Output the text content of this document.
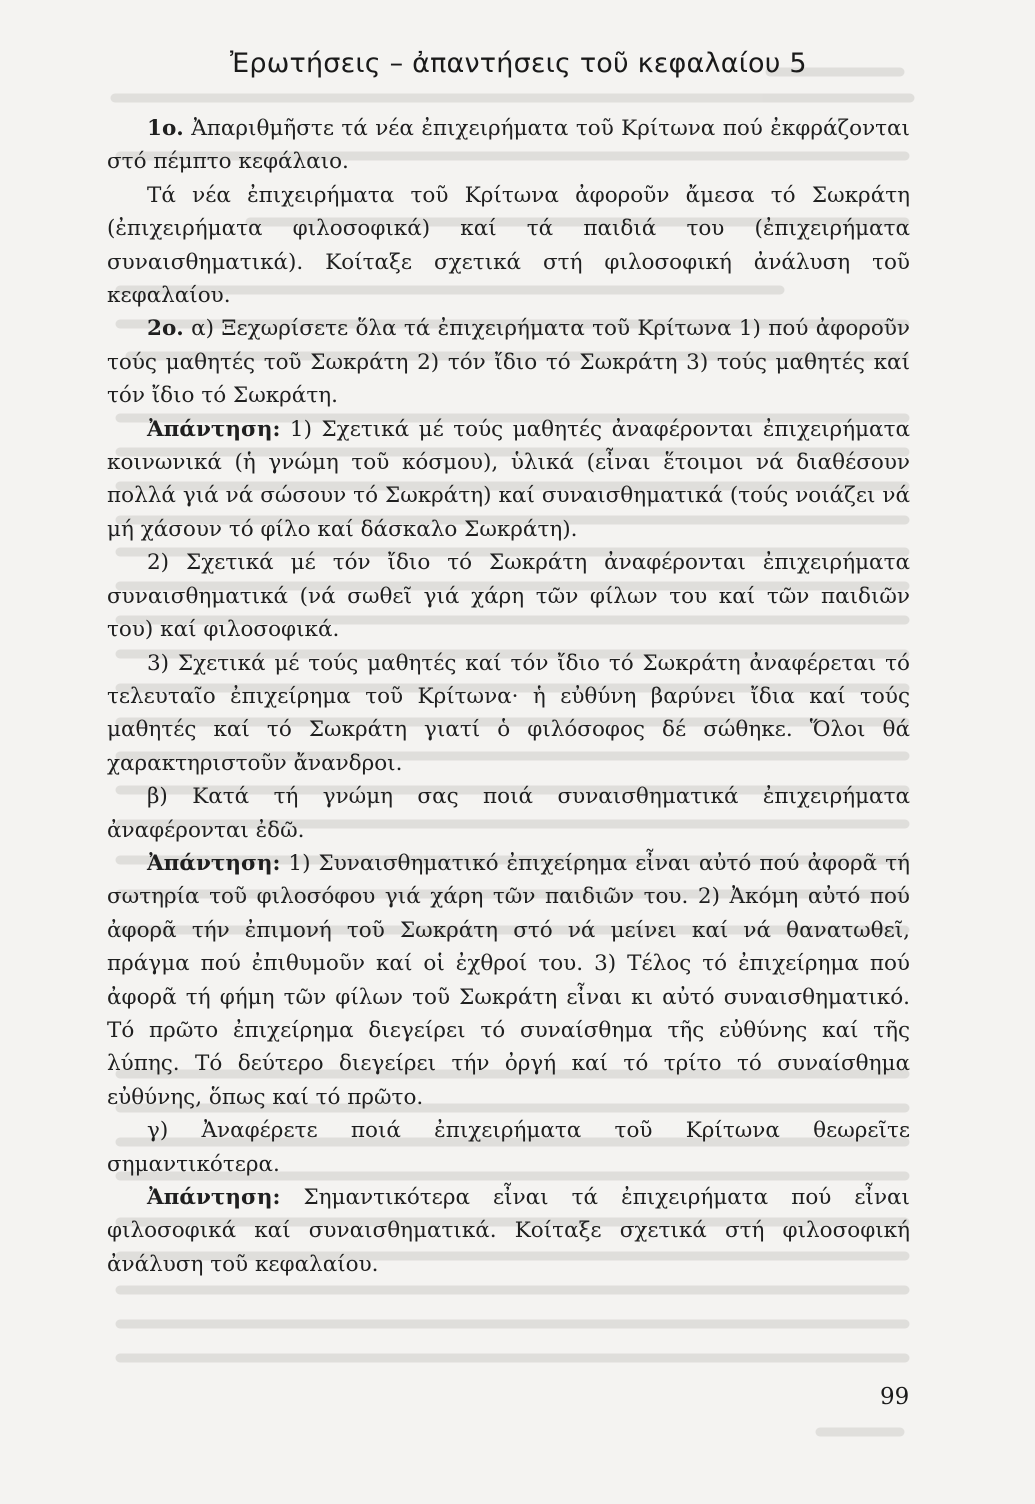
Ἐρωτήσεις – ἀπαντήσεις τοῦ κεφαλαίου 5

1ο. Ἀπαριθμῆστε τά νέα ἐπιχειρήματα τοῦ Κρίτωνα πού ἐκφράζονται στό πέμπτο κεφάλαιο.

Τά νέα ἐπιχειρήματα τοῦ Κρίτωνα ἀφοροῦν ἄμεσα τό Σωκράτη (ἐπιχειρήματα φιλοσοφικά) καί τά παιδιά του (ἐπιχειρήματα συναισθηματικά). Κοίταξε σχετικά στή φιλοσοφική ἀνάλυση τοῦ κεφαλαίου.

2ο. α) Ξεχωρίσετε ὅλα τά ἐπιχειρήματα τοῦ Κρίτωνα 1) πού ἀφοροῦν τούς μαθητές τοῦ Σωκράτη 2) τόν ἴδιο τό Σωκράτη 3) τούς μαθητές καί τόν ἴδιο τό Σωκράτη.

Ἀπάντηση: 1) Σχετικά μέ τούς μαθητές ἀναφέρονται ἐπιχειρήματα κοινωνικά (ἡ γνώμη τοῦ κόσμου), ὑλικά (εἶναι ἕτοιμοι νά διαθέσουν πολλά γιά νά σώσουν τό Σωκράτη) καί συναισθηματικά (τούς νοιάζει νά μή χάσουν τό φίλο καί δάσκαλο Σωκράτη).

2) Σχετικά μέ τόν ἴδιο τό Σωκράτη ἀναφέρονται ἐπιχειρήματα συναισθηματικά (νά σωθεῖ γιά χάρη τῶν φίλων του καί τῶν παιδιῶν του) καί φιλοσοφικά.

3) Σχετικά μέ τούς μαθητές καί τόν ἴδιο τό Σωκράτη ἀναφέρεται τό τελευταῖο ἐπιχείρημα τοῦ Κρίτωνα· ἡ εὐθύνη βαρύνει ἴδια καί τούς μαθητές καί τό Σωκράτη γιατί ὁ φιλόσοφος δέ σώθηκε. Ὅλοι θά χαρακτηριστοῦν ἄνανδροι.

β) Κατά τή γνώμη σας ποιά συναισθηματικά ἐπιχειρήματα ἀναφέρονται ἐδῶ.

Ἀπάντηση: 1) Συναισθηματικό ἐπιχείρημα εἶναι αὐτό πού ἀφορᾶ τή σωτηρία τοῦ φιλοσόφου γιά χάρη τῶν παιδιῶν του. 2) Ἀκόμη αὐτό πού ἀφορᾶ τήν ἐπιμονή τοῦ Σωκράτη στό νά μείνει καί νά θανατωθεῖ, πράγμα πού ἐπιθυμοῦν καί οἱ ἐχθροί του. 3) Τέλος τό ἐπιχείρημα πού ἀφορᾶ τή φήμη τῶν φίλων τοῦ Σωκράτη εἶναι κι αὐτό συναισθηματικό. Τό πρῶτο ἐπιχείρημα διεγείρει τό συναίσθημα τῆς εὐθύνης καί τῆς λύπης. Τό δεύτερο διεγείρει τήν ὀργή καί τό τρίτο τό συναίσθημα εὐθύνης, ὅπως καί τό πρῶτο.

γ) Ἀναφέρετε ποιά ἐπιχειρήματα τοῦ Κρίτωνα θεωρεῖτε σημαντικότερα.

Ἀπάντηση: Σημαντικότερα εἶναι τά ἐπιχειρήματα πού εἶναι φιλοσοφικά καί συναισθηματικά. Κοίταξε σχετικά στή φιλοσοφική ἀνάλυση τοῦ κεφαλαίου.

99
